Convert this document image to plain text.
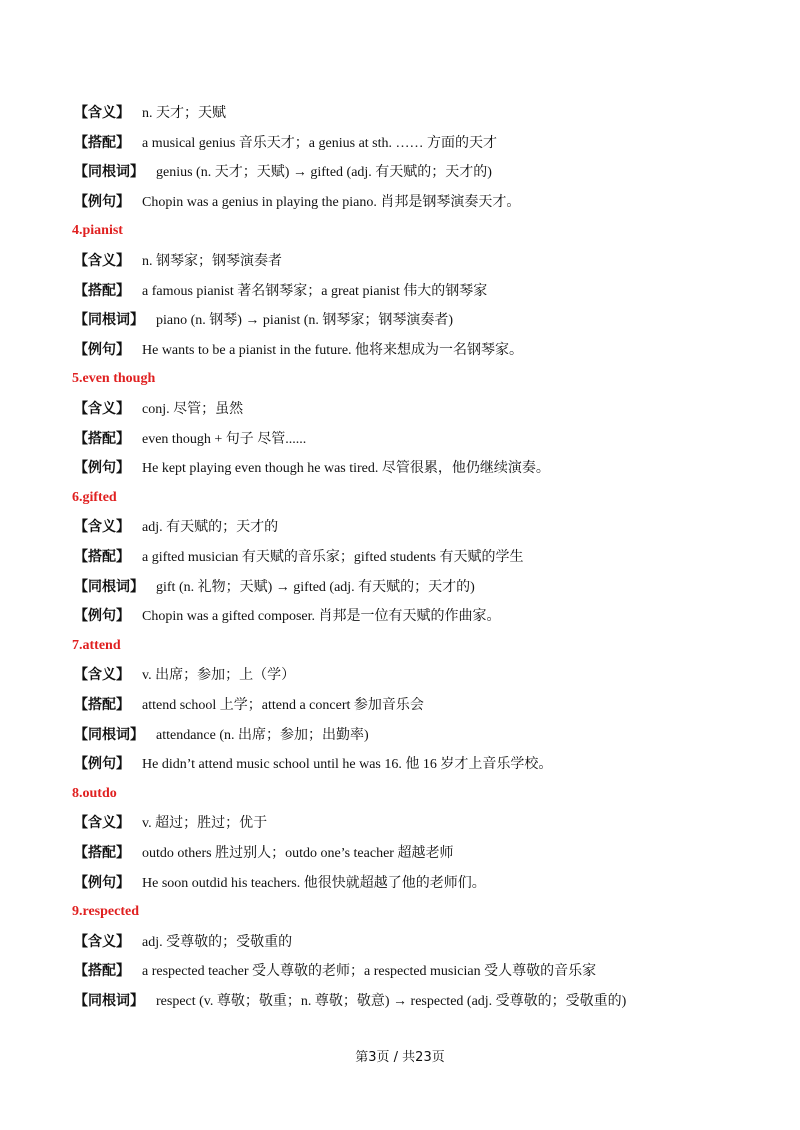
【含义】 n. 天才；天赋
【搭配】 a musical genius 音乐天才；a genius at sth. …… 方面的天才
【同根词】 genius (n. 天才；天赋) → gifted (adj. 有天赋的；天才的)
【例句】 Chopin was a genius in playing the piano. 肖邦是钢琴演奏天才。
4.pianist
【含义】 n. 钢琴家；钢琴演奏者
【搭配】 a famous pianist 著名钢琴家；a great pianist 伟大的钢琴家
【同根词】 piano (n. 钢琴) → pianist (n. 钢琴家；钢琴演奏者)
【例句】 He wants to be a pianist in the future. 他将来想成为一名钢琴家。
5.even though
【含义】 conj. 尽管；虽然
【搭配】 even though + 句子 尽管......
【例句】 He kept playing even though he was tired. 尽管很累，他仍继续演奏。
6.gifted
【含义】 adj. 有天赋的；天才的
【搭配】 a gifted musician 有天赋的音乐家；gifted students 有天赋的学生
【同根词】 gift (n. 礼物；天赋) → gifted (adj. 有天赋的；天才的)
【例句】 Chopin was a gifted composer. 肖邦是一位有天赋的作曲家。
7.attend
【含义】 v. 出席；参加；上（学）
【搭配】 attend school 上学；attend a concert 参加音乐会
【同根词】 attendance (n. 出席；参加；出勤率)
【例句】 He didn’t attend music school until he was 16. 他 16 岁才上音乐学校。
8.outdo
【含义】 v. 超过；胜过；优于
【搭配】 outdo others 胜过别人；outdo one’s teacher 超越老师
【例句】 He soon outdid his teachers. 他很快就超越了他的老师们。
9.respected
【含义】 adj. 受尊敬的；受敬重的
【搭配】 a respected teacher 受人尊敬的老师；a respected musician 受人尊敬的音乐家
【同根词】 respect (v. 尊敬；敬重；n. 尊敬；敬意) → respected (adj. 受尊敬的；受敬重的)
第3页 / 共23页
